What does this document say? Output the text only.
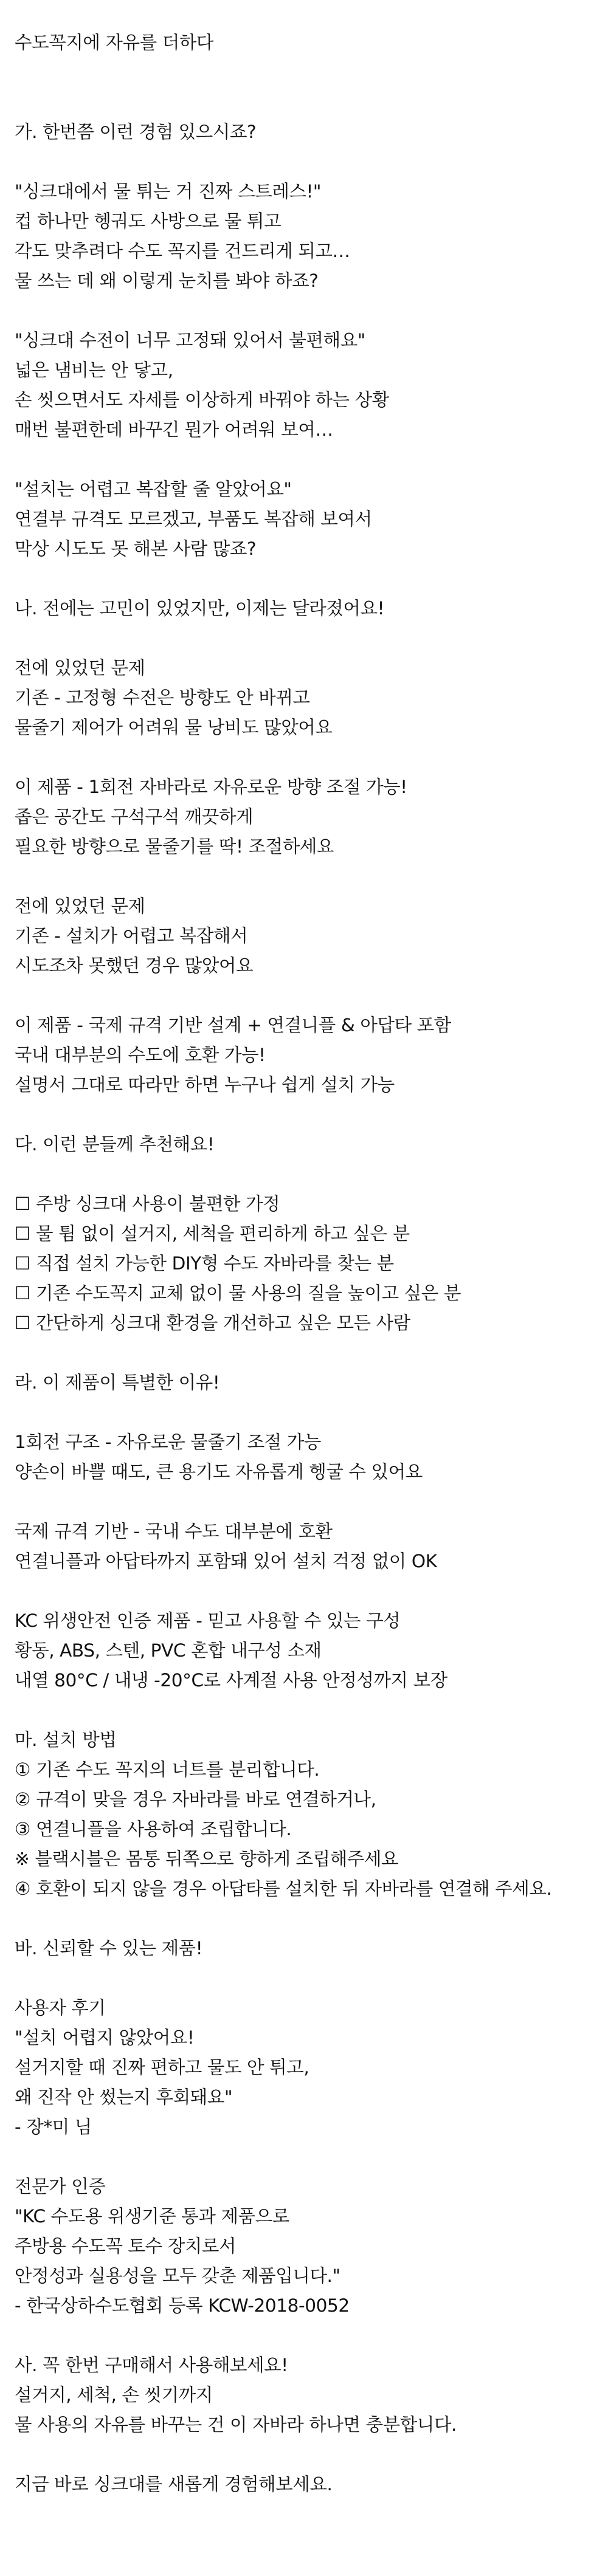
수도꼭지에 자유를 더하다
가. 한번쯤 이런 경험 있으시죠?
"싱크대에서 물 튀는 거 진짜 스트레스!"
컵 하나만 헹궈도 사방으로 물 튀고
각도 맞추려다 수도 꼭지를 건드리게 되고…
물 쓰는 데 왜 이렇게 눈치를 봐야 하죠?
"싱크대 수전이 너무 고정돼 있어서 불편해요"
넓은 냄비는 안 닿고,
손 씻으면서도 자세를 이상하게 바꿔야 하는 상황
매번 불편한데 바꾸긴 뭔가 어려워 보여…
"설치는 어렵고 복잡할 줄 알았어요"
연결부 규격도 모르겠고, 부품도 복잡해 보여서
막상 시도도 못 해본 사람 많죠?
나. 전에는 고민이 있었지만, 이제는 달라졌어요!
전에 있었던 문제
기존 - 고정형 수전은 방향도 안 바뀌고
물줄기 제어가 어려워 물 낭비도 많았어요
이 제품 - 1회전 자바라로 자유로운 방향 조절 가능!
좁은 공간도 구석구석 깨끗하게
필요한 방향으로 물줄기를 딱! 조절하세요
전에 있었던 문제
기존 - 설치가 어렵고 복잡해서
시도조차 못했던 경우 많았어요
이 제품 - 국제 규격 기반 설계 + 연결니플 & 아답타 포함
국내 대부분의 수도에 호환 가능!
설명서 그대로 따라만 하면 누구나 쉽게 설치 가능
다. 이런 분들께 추천해요!
☐ 주방 싱크대 사용이 불편한 가정
☐ 물 튐 없이 설거지, 세척을 편리하게 하고 싶은 분
☐ 직접 설치 가능한 DIY형 수도 자바라를 찾는 분
☐ 기존 수도꼭지 교체 없이 물 사용의 질을 높이고 싶은 분
☐ 간단하게 싱크대 환경을 개선하고 싶은 모든 사람
라. 이 제품이 특별한 이유!
1회전 구조 - 자유로운 물줄기 조절 가능
양손이 바쁠 때도, 큰 용기도 자유롭게 헹굴 수 있어요
국제 규격 기반 - 국내 수도 대부분에 호환
연결니플과 아답타까지 포함돼 있어 설치 걱정 없이 OK
KC 위생안전 인증 제품 - 믿고 사용할 수 있는 구성
황동, ABS, 스텐, PVC 혼합 내구성 소재
내열 80°C / 내냉 -20°C로 사계절 사용 안정성까지 보장
마. 설치 방법
① 기존 수도 꼭지의 너트를 분리합니다.
② 규격이 맞을 경우 자바라를 바로 연결하거나,
③ 연결니플을 사용하여 조립합니다.
※ 블랙시블은 몸통 뒤쪽으로 향하게 조립해주세요
④ 호환이 되지 않을 경우 아답타를 설치한 뒤 자바라를 연결해 주세요.
바. 신뢰할 수 있는 제품!
사용자 후기
"설치 어렵지 않았어요!
설거지할 때 진짜 편하고 물도 안 튀고,
왜 진작 안 썼는지 후회돼요"
- 장*미 님
전문가 인증
"KC 수도용 위생기준 통과 제품으로
주방용 수도꼭 토수 장치로서
안정성과 실용성을 모두 갖춘 제품입니다."
- 한국상하수도협회 등록 KCW-2018-0052
사. 꼭 한번 구매해서 사용해보세요!
설거지, 세척, 손 씻기까지
물 사용의 자유를 바꾸는 건 이 자바라 하나면 충분합니다.
지금 바로 싱크대를 새롭게 경험해보세요.
